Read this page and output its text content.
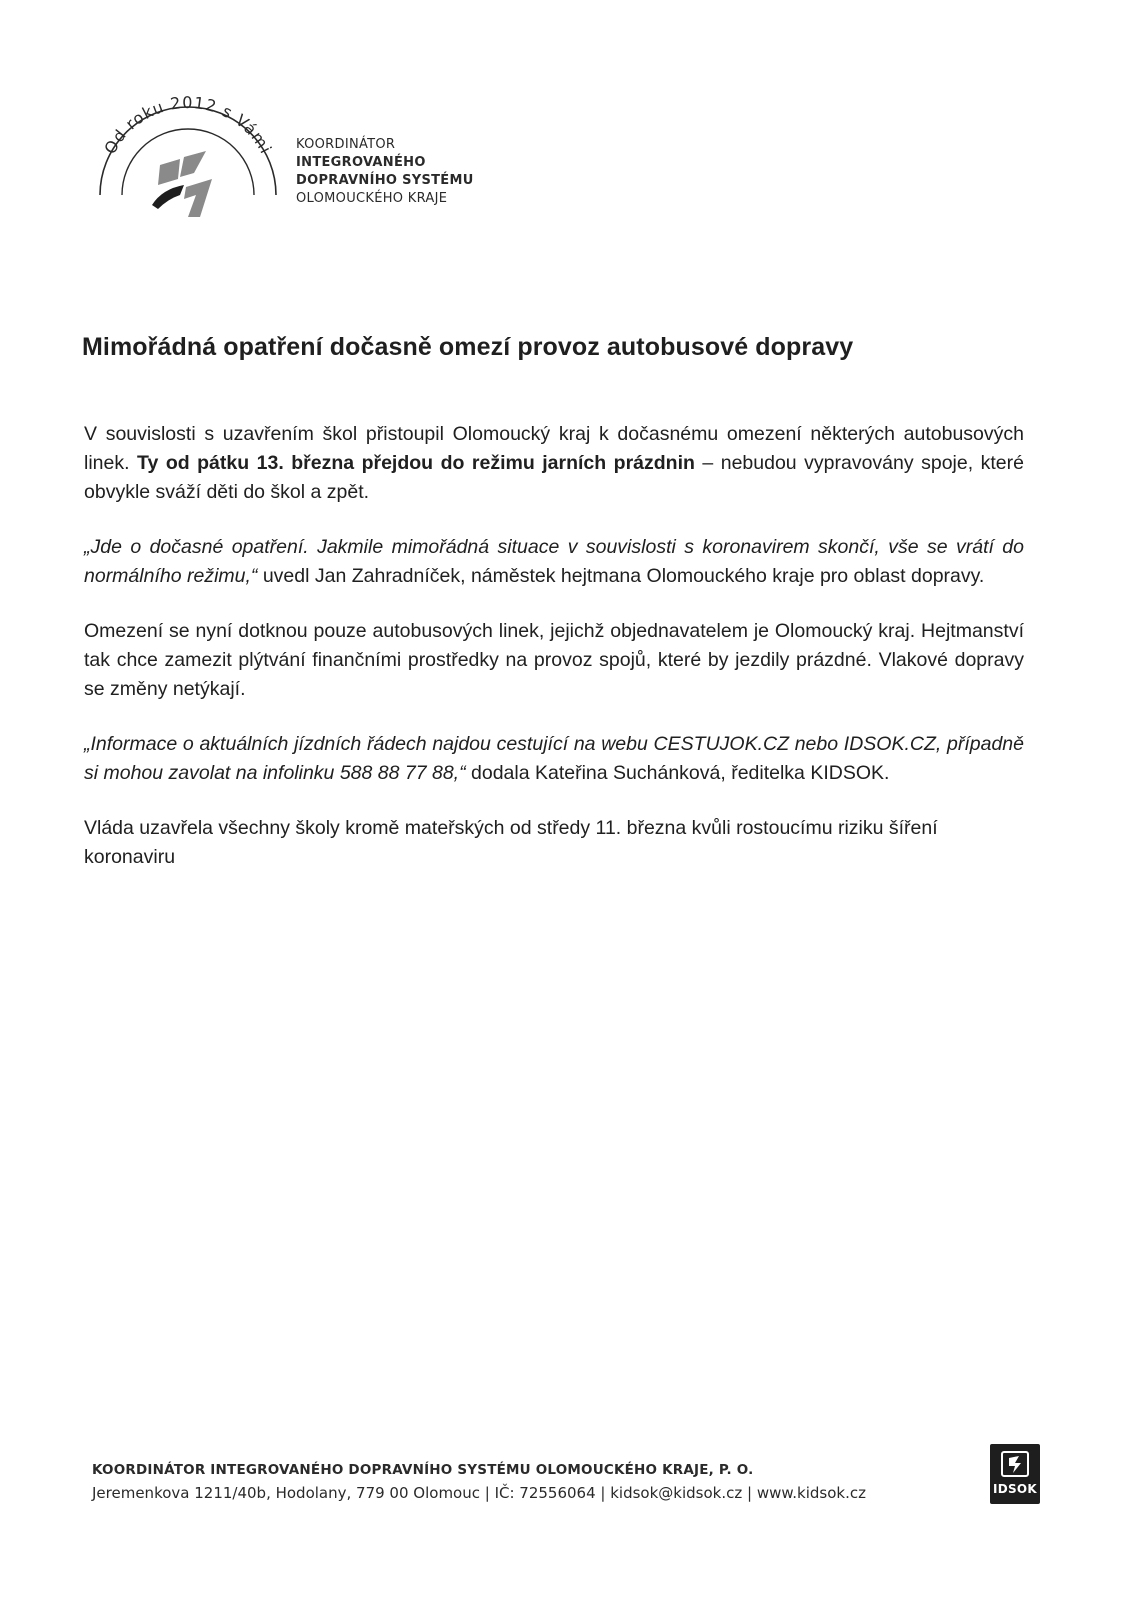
Od roku 2012 s Vámi KOORDINÁTOR
INTEGROVANÉHO
DOPRAVNÍHO SYSTÉMU
OLOMOUCKÉHO KRAJE
Mimořádná opatření dočasně omezí provoz autobusové dopravy

V souvislosti s uzavřením škol přistoupil Olomoucký kraj k dočasnému omezení některých autobusových linek. Ty od pátku 13. března přejdou do režimu jarních prázdnin – nebudou vypravovány spoje, které obvykle sváží děti do škol a zpět.

„Jde o dočasné opatření. Jakmile mimořádná situace v souvislosti s koronavirem skončí, vše se vrátí do normálního režimu,“ uvedl Jan Zahradníček, náměstek hejtmana Olomouckého kraje pro oblast dopravy.

Omezení se nyní dotknou pouze autobusových linek, jejichž objednavatelem je Olomoucký kraj. Hejtmanství tak chce zamezit plýtvání finančními prostředky na provoz spojů, které by jezdily prázdné. Vlakové dopravy se změny netýkají.

„Informace o aktuálních jízdních řádech najdou cestující na webu CESTUJOK.CZ nebo IDSOK.CZ, případně si mohou zavolat na infolinku 588 88 77 88,“ dodala Kateřina Suchánková, ředitelka KIDSOK.

Vláda uzavřela všechny školy kromě mateřských od středy 11. března kvůli rostoucímu riziku šíření koronaviru

KOORDINÁTOR INTEGROVANÉHO DOPRAVNÍHO SYSTÉMU OLOMOUCKÉHO KRAJE, P. O.
Jeremenkova 1211/40b, Hodolany, 779 00 Olomouc | IČ: 72556064 | kidsok@kidsok.cz | www.kidsok.cz	IDSOK
